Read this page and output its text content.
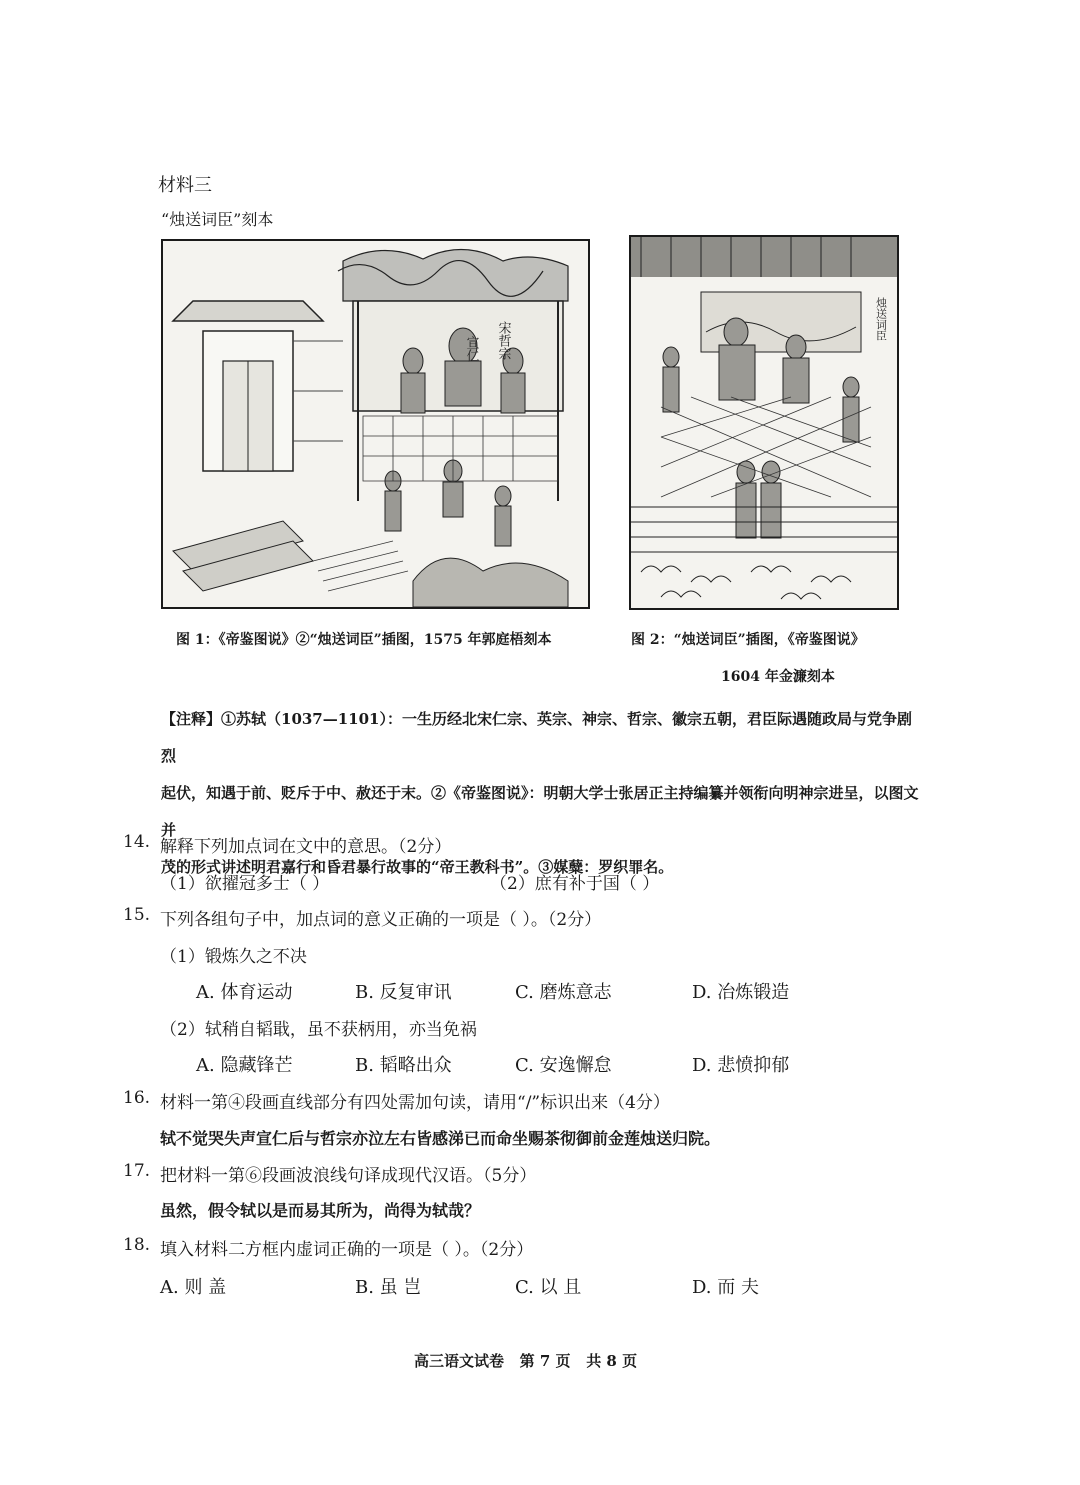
材料三
“烛送词臣”刻本
宋哲宗
宣仁
烛送词臣
图 1：《帝鉴图说》②“烛送词臣”插图，1575 年郭庭梧刻本	图 2：“烛送词臣”插图，《帝鉴图说》
1604 年金濂刻本
【注释】①苏轼（1037—1101）：一生历经北宋仁宗、英宗、神宗、哲宗、徽宗五朝，君臣际遇随政局与党争剧烈
起伏，知遇于前、贬斥于中、赦还于末。②《帝鉴图说》：明朝大学士张居正主持编纂并领衔向明神宗进呈，以图文并
茂的形式讲述明君嘉行和昏君暴行故事的“帝王教科书”。③媒糵：罗织罪名。
14. 解释下列加点词在文中的意思。（2分）
（1）欲擢冠多士（ ）	（2）庶有补于国（ ）
15. 下列各组句子中，加点词的意义正确的一项是（ ）。（2分）
（1）锻炼久之不决
A. 体育运动	B. 反复审讯	C. 磨炼意志	D. 冶炼锻造
（2）轼稍自韬戢，虽不获柄用，亦当免祸
A. 隐藏锋芒	B. 韬略出众	C. 安逸懈怠	D. 悲愤抑郁
16. 材料一第④段画直线部分有四处需加句读，请用“/”标识出来（4分）
轼不觉哭失声宣仁后与哲宗亦泣左右皆感涕已而命坐赐茶彻御前金莲烛送归院。
17. 把材料一第⑥段画波浪线句译成现代汉语。（5分）
虽然，假令轼以是而易其所为，尚得为轼哉？
18. 填入材料二方框内虚词正确的一项是（ ）。（2分）
A. 则 盖	B. 虽 岂	C. 以 且	D. 而 夫
高三语文试卷   第 7 页   共 8 页
